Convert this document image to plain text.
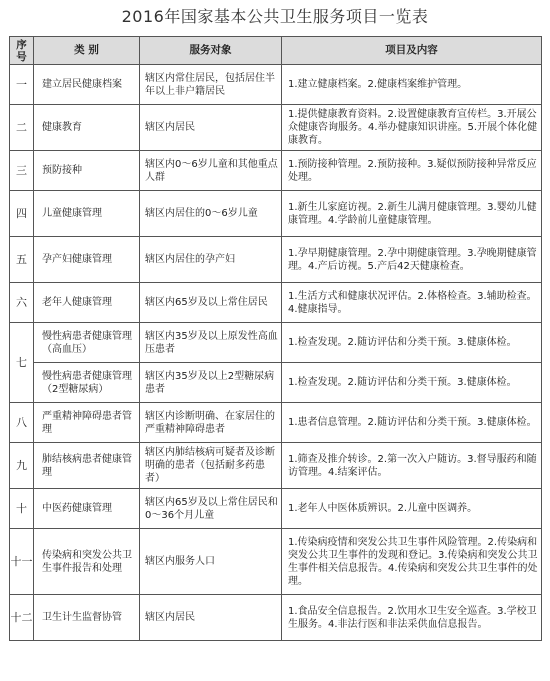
2016年国家基本公共卫生服务项目一览表
序号	类 别	服务对象	项目及内容
一	建立居民健康档案	辖区内常住居民，包括居住半年以上非户籍居民	1.建立健康档案。2.健康档案维护管理。
二	健康教育	辖区内居民	1.提供健康教育资料。2.设置健康教育宣传栏。3.开展公众健康咨询服务。4.举办健康知识讲座。5.开展个体化健康教育。
三	预防接种	辖区内0～6岁儿童和其他重点人群	1.预防接种管理。2.预防接种。3.疑似预防接种异常反应处理。
四	儿童健康管理	辖区内居住的0～6岁儿童	1.新生儿家庭访视。2.新生儿满月健康管理。3.婴幼儿健康管理。4.学龄前儿童健康管理。
五	孕产妇健康管理	辖区内居住的孕产妇	1.孕早期健康管理。2.孕中期健康管理。3.孕晚期健康管理。4.产后访视。5.产后42天健康检查。
六	老年人健康管理	辖区内65岁及以上常住居民	1.生活方式和健康状况评估。2.体格检查。3.辅助检查。4.健康指导。
七	慢性病患者健康管理（高血压）	辖区内35岁及以上原发性高血压患者	1.检查发现。2.随访评估和分类干预。3.健康体检。
	慢性病患者健康管理（2型糖尿病）	辖区内35岁及以上2型糖尿病患者	1.检查发现。2.随访评估和分类干预。3.健康体检。
八	严重精神障碍患者管理	辖区内诊断明确、在家居住的严重精神障碍患者	1.患者信息管理。2.随访评估和分类干预。3.健康体检。
九	肺结核病患者健康管理	辖区内肺结核病可疑者及诊断明确的患者（包括耐多药患者）	1.筛查及推介转诊。2.第一次入户随访。3.督导服药和随访管理。4.结案评估。
十	中医药健康管理	辖区内65岁及以上常住居民和0～36个月儿童	1.老年人中医体质辨识。2.儿童中医调养。
十一	传染病和突发公共卫生事件报告和处理	辖区内服务人口	1.传染病疫情和突发公共卫生事件风险管理。2.传染病和突发公共卫生事件的发现和登记。3.传染病和突发公共卫生事件相关信息报告。4.传染病和突发公共卫生事件的处理。
十二	卫生计生监督协管	辖区内居民	1.食品安全信息报告。2.饮用水卫生安全巡查。3.学校卫生服务。4.非法行医和非法采供血信息报告。
